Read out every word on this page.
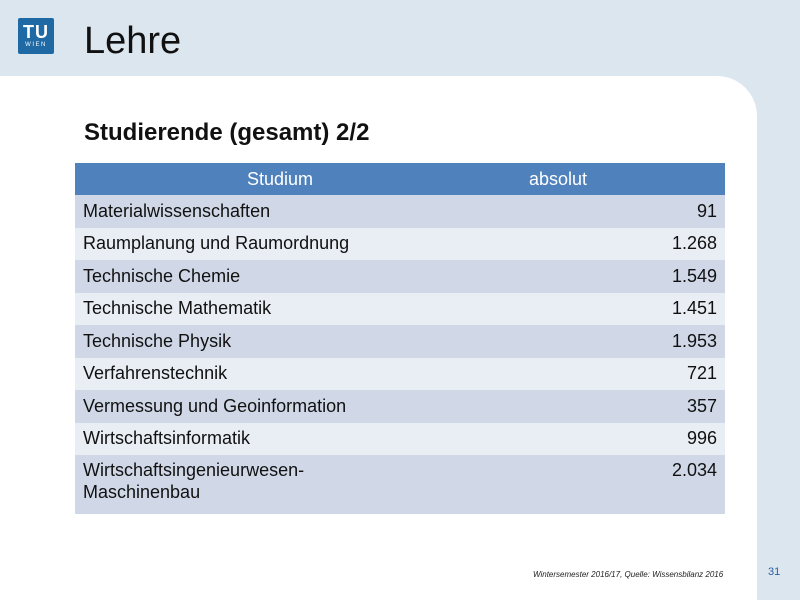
TU
WIEN Lehre
Studierende (gesamt) 2/2
Studium	absolut
Materialwissenschaften	91
Raumplanung und Raumordnung	1.268
Technische Chemie	1.549
Technische Mathematik	1.451
Technische Physik	1.953
Verfahrenstechnik	721
Vermessung und Geoinformation	357
Wirtschaftsinformatik	996
Wirtschaftsingenieurwesen-
Maschinenbau	2.034
Wintersemester 2016/17, Quelle: Wissensbilanz 2016	31
